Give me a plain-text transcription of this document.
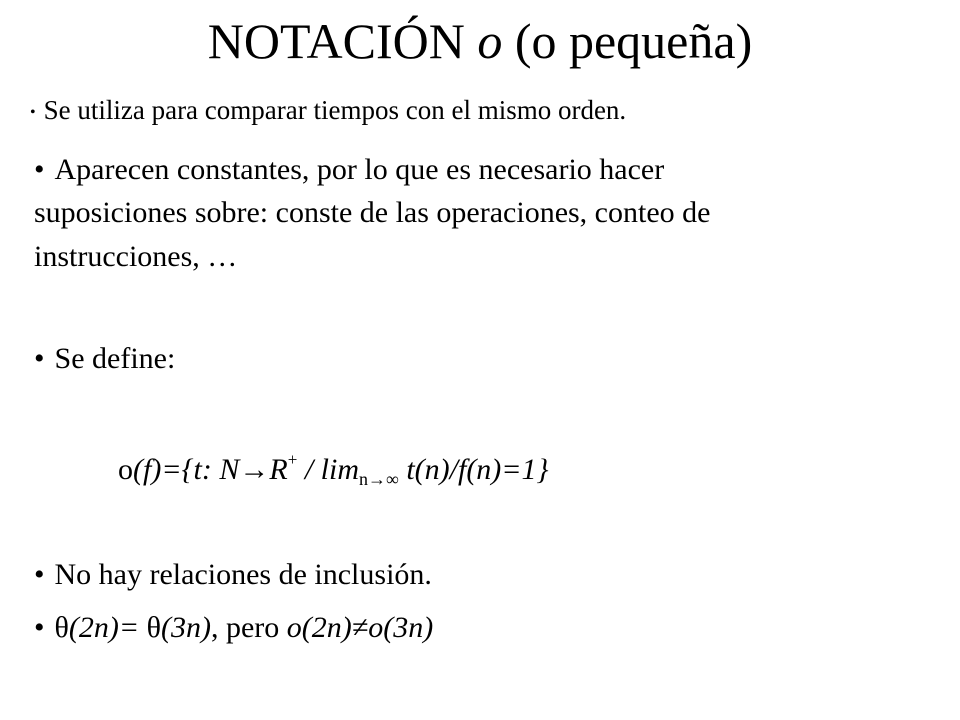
NOTACIÓN o (o pequeña)
• Se utiliza para comparar tiempos con el mismo orden.
• Aparecen constantes, por lo que es necesario hacer
suposiciones sobre: conste de las operaciones, conteo de
instrucciones, …
• Se define:
o(f)={t: $N\to R^+ / \lim_{n\to\infty} t(n)/f(n)=1$}
• No hay relaciones de inclusión.
• θ(2n)= θ(3n), pero o(2n)≠o(3n)
